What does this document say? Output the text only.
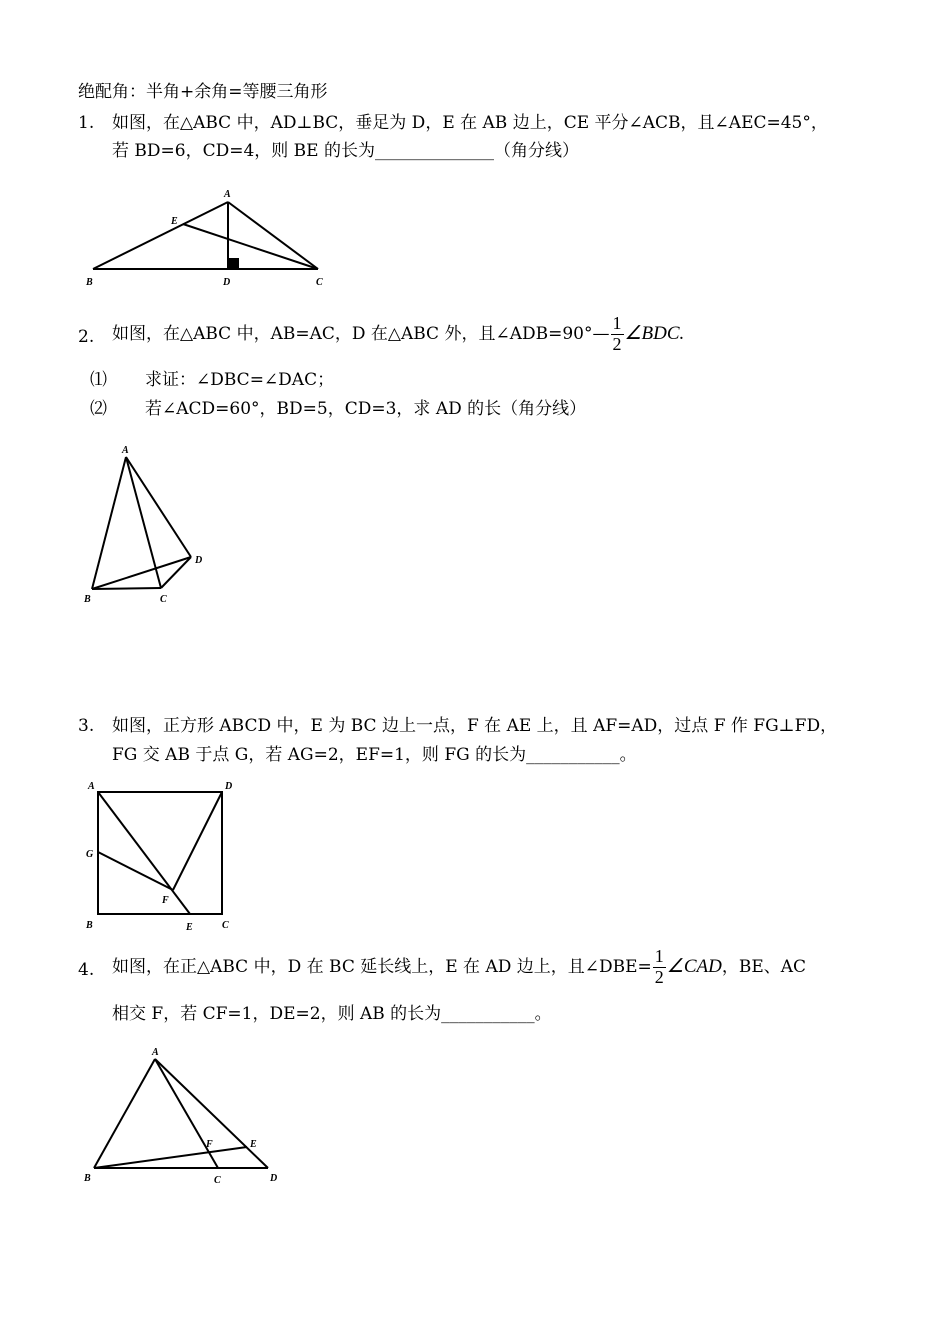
绝配角：半角+余角=等腰三角形
1.	如图，在△ABC 中，AD⊥BC，垂足为 D，E 在 AB 边上，CE 平分∠ACB，且∠AEC=45°，
若 BD=6，CD=4，则 BE 的长为______________（角分线）
A
E
B	D	C
2.	如图，在△ABC 中，AB=AC，D 在△ABC 外，且∠ADB=90°— $\frac{1}{2}$ ∠BDC.
⑴ 求证：∠DBC=∠DAC；
⑵ 若∠ACD=60°，BD=5，CD=3，求 AD 的长（角分线）
A
D
B	C
3.	如图，正方形 ABCD 中，E 为 BC 边上一点，F 在 AE 上，且 AF=AD，过点 F 作 FG⊥FD，
FG 交 AB 于点 G，若 AG=2，EF=1，则 FG 的长为___________。
A	D
G
F
B	E	C
4.	如图，在正△ABC 中，D 在 BC 延长线上，E 在 AD 边上，且∠DBE= $\frac{1}{2}$ ∠CAD，BE、AC
相交 F，若 CF=1，DE=2，则 AB 的长为___________。
A
F	E
B	C	D
